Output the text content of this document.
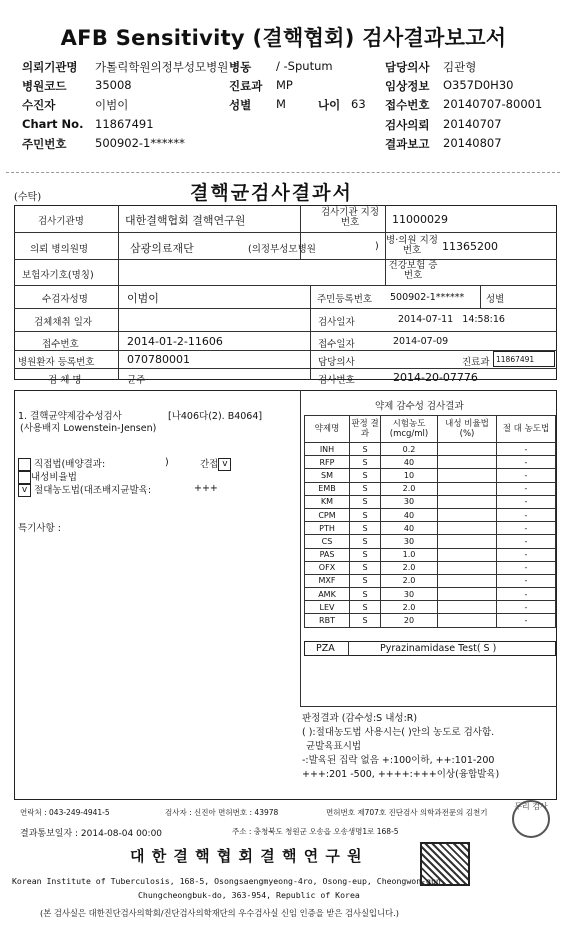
AFB Sensitivity (결핵협회) 검사결과보고서
의뢰기관명 가톨릭학원의정부성모병원
병원코드 35008
수진자	이범이
Chart No. 11867491
주민번호 500902-1******
병동 / -Sputum
진료과 MP
성별 M	나이 63
담당의사 김관형
임상정보 O357D0H30
접수번호 20140707-80001
검사의뢰 20140707
결과보고 20140807
(수탁)	결핵균검사결과서
검사기관명	대한결핵협회 결핵연구원
검사기관 지정번호	11000029
의뢰 병의원명	삼광의료재단	(의정부성모병원	)
병·의원 지정번호	11365200
보험자기호(명칭)
건강보험 증 번호
수검자성명	이범이	주민등록번호 500902-1****** 성별
검체채취 일자	검사일자	2014-07-11   14:58:16
접수번호	2014-01-2-11606	접수일자	2014-07-09
병원환자 등록번호	070780001	담당의사	진료과 11867491
검 체 명	균주	검사번호	2014-20-07776
1. 결핵균약제감수성검사	[나406다(2). B4064]
(사용배지 Lowenstein-Jensen)
직접법(배양결과:	)	간접 v
내성비율법
v 절대농도법(대조배지균발육:	+++
특기사항 :
약제 감수성 검사결과
약제명	판정 결과	시험농도 (mcg/ml)	내성 비율법(%)	절 대 농도법
INH	S	0.2		-
RFP	S	40		-
SM	S	10		-
EMB	S	2.0		-
KM	S	30		-
CPM	S	40		-
PTH	S	40		-
CS	S	30		-
PAS	S	1.0		-
OFX	S	2.0		-
MXF	S	2.0		-
AMK	S	30		-
LEV	S	2.0		-
RBT	S	20		-
PZA	Pyrazinamidase Test( S )
판정결과 (감수성:S 내성:R)
( ):절대농도법 사용시는( )안의 농도로 검사함.
균발육표시법
-:발육된 집락 없음 +:100이하, ++:101-200
+++:201 -500, ++++:+++이상(융합발육)
연락처 : 043-249-4941-5	검사자 : 신진아 면허번호 : 43978	면허번호 제707호 진단검사 의학과전문의 김천기
결과통보일자 : 2014-08-04 00:00	주소 : 충청북도 청원군 오송읍 오송생명1로 168-5
두리 검사
대 한 결 핵 협 회 결 핵 연 구 원
Korean Institute of Tuberculosis, 168-5, Osongsaengmyeong-4ro, Osong-eup, Cheongwon-gun,
Chungcheongbuk-do, 363-954, Republic of Korea
(본 검사실은 대한진단검사의학회/진단검사의학재단의 우수검사실 신임 인증을 받은 검사실입니다.)
